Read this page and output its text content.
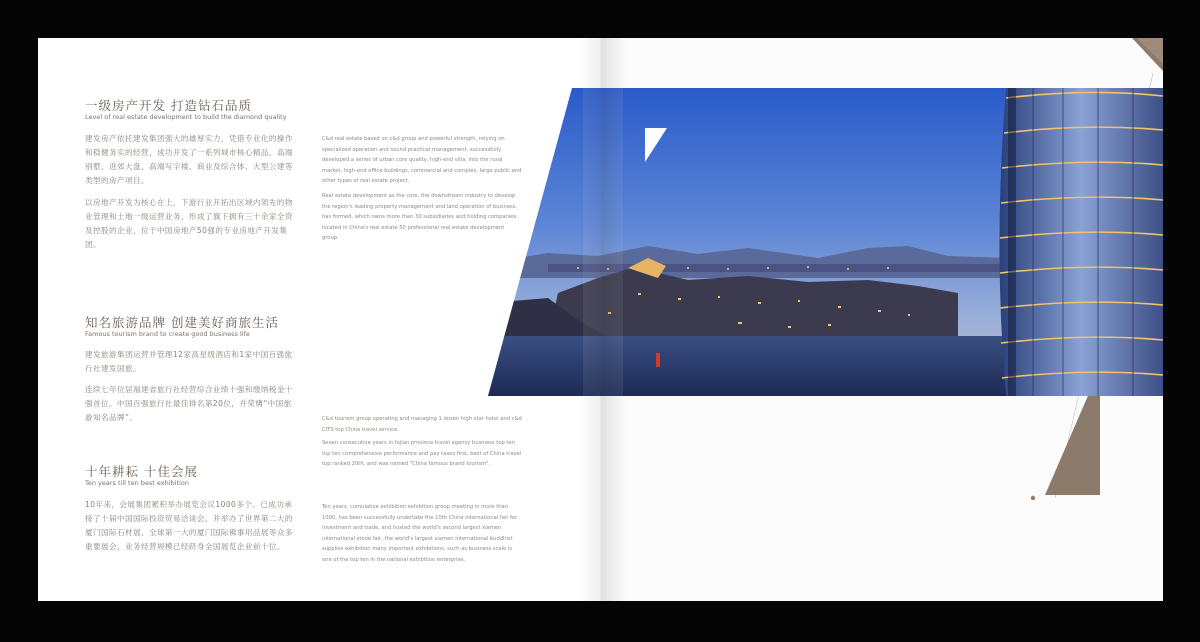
一级房产开发 打造钻石品质
Level of real estate development to build the diamond quality
建发房产依托建发集团强大的雄厚实力，凭借专业化的操作和稳健务实的经营，成功开发了一系列城市核心精品、高端别墅、进郊大盘、高端写字楼、商业及综合体、大型公建等类型的房产项目。
以房地产开发为核心在上，下游行业开拓出区域内领先的物业管理和土地一级运营业务，形成了旗下拥有三十余家全资及控股的企业，位于中国房地产50强的专业房地产开发集团。
C&d real estate based on c&d group and powerful strength, relying on specialized operation and sound practical management, successfully developed a series of urban core quality, high-end villa, into the rural market, high-end office buildings, commercial and complex, large public and other types of real estate project.
Real estate development as the core, the downstream industry to develop the region's leading property management and land operation of business, has formed, which owns more than 30 subsidiaries and holding companies, located in China's real estate 50 professional real estate development group.
知名旅游品牌 创建美好商旅生活
Famous tourism brand to create good business life
建发旅游集团运营并管理12家高星级酒店和1家中国百强旅行社建发国旅。
连续七年位居福建省旅行社经营综合业绩十强和缴纳税金十强首位。中国百强旅行社最佳排名第20位，并荣膺“中国旅游知名品牌”。	C&d tourism group operating and managing 1 dozen high star hotel and c&d CITS top China travel service.
Seven consecutive years in fujian province travel agency business top ten top ten comprehensive performance and pay taxes first, best of China travel top ranked 20th, and was named "China famous brand tourism".
十年耕耘 十佳会展
Ten years till ten best exhibition
10年来，会展集团累积举办展览会议1000多个。已成功承接了十届中国国际投资贸易洽谈会，并举办了世界第二大的厦门国际石材展、全球第一大的厦门国际佛事用品展等众多重要展会，业务经营规模已经跻身全国展览企业前十位。
Ten years, cumulative exhibition exhibition group meeting in more than 1000, has been successfully undertake the 10th China international fair for investment and trade, and hosted the world's second largest xiamen international stone fair, the world's largest xiamen international buddhist supplies exhibition many important exhibitions, such as business scale is one of the top ten in the national exhibition enterprise.
